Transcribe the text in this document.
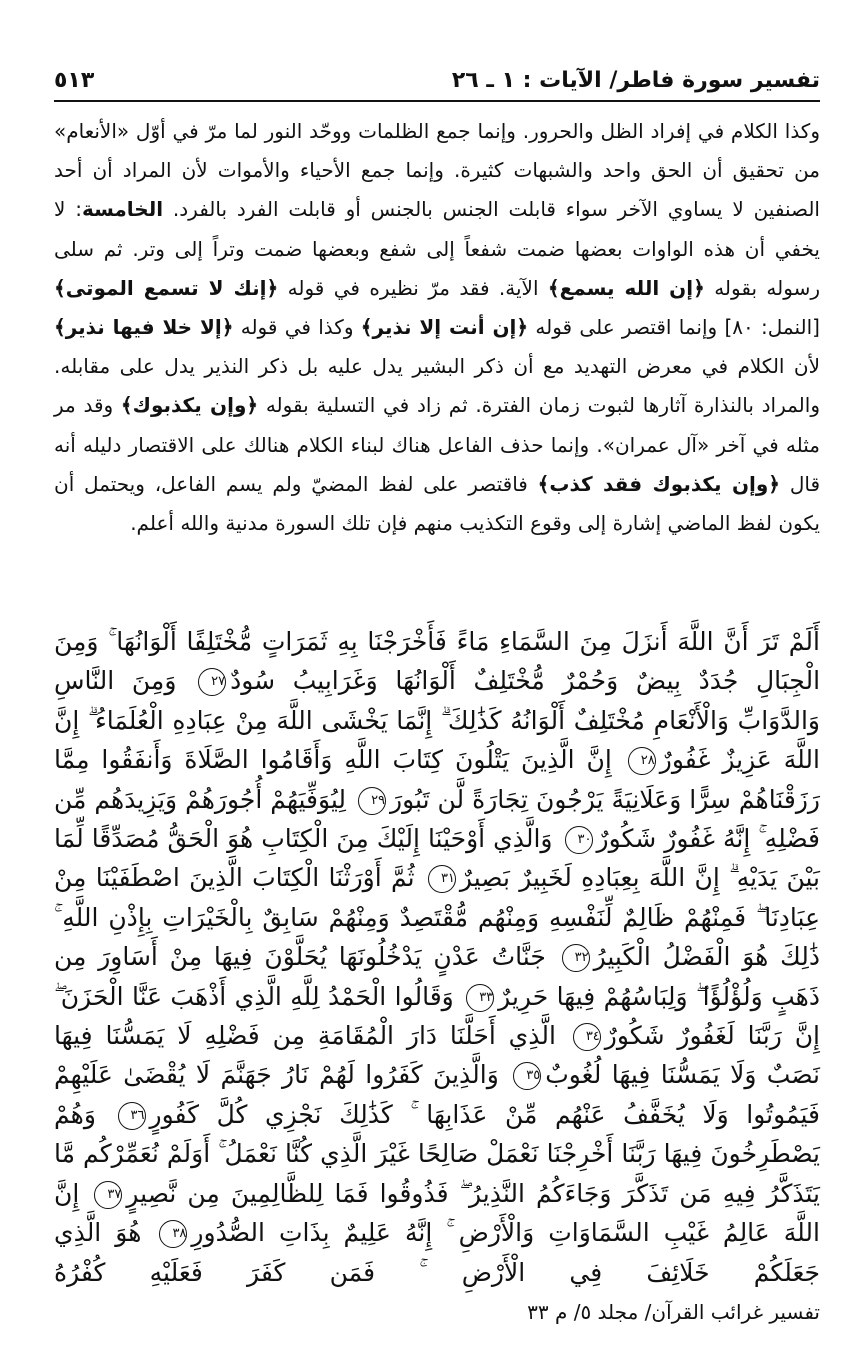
تفسير سورة فاطر/ الآيات : ١ ـ ٢٦
٥١٣

وكذا الكلام في إفراد الظل والحرور. وإنما جمع الظلمات ووحّد النور لما مرّ في أوّل «الأنعام» من تحقيق أن الحق واحد والشبهات كثيرة. وإنما جمع الأحياء والأموات لأن المراد أن أحد الصنفين لا يساوي الآخر سواء قابلت الجنس بالجنس أو قابلت الفرد بالفرد. الخامسة: لا يخفي أن هذه الواوات بعضها ضمت شفعاً إلى شفع وبعضها ضمت وتراً إلى وتر. ثم سلى رسوله بقوله ﴿إن الله يسمع﴾ الآية. فقد مرّ نظيره في قوله ﴿إنك لا تسمع الموتى﴾ [النمل: ٨٠] وإنما اقتصر على قوله ﴿إن أنت إلا نذير﴾ وكذا في قوله ﴿إلا خلا فيها نذير﴾ لأن الكلام في معرض التهديد مع أن ذكر البشير يدل عليه بل ذكر النذير يدل على مقابله. والمراد بالنذارة آثارها لثبوت زمان الفترة. ثم زاد في التسلية بقوله ﴿وإن يكذبوك﴾ وقد مر مثله في آخر «آل عمران». وإنما حذف الفاعل هناك لبناء الكلام هنالك على الاقتصار دليله أنه قال ﴿وإن يكذبوك فقد كذب﴾ فاقتصر على لفظ المضيّ ولم يسم الفاعل، ويحتمل أن يكون لفظ الماضي إشارة إلى وقوع التكذيب منهم فإن تلك السورة مدنية والله أعلم.

أَلَمْ تَرَ أَنَّ اللَّهَ أَنزَلَ مِنَ السَّمَاءِ مَاءً فَأَخْرَجْنَا بِهِ ثَمَرَاتٍ مُّخْتَلِفًا أَلْوَانُهَا ۚ وَمِنَ الْجِبَالِ جُدَدٌ بِيضٌ وَحُمْرٌ مُّخْتَلِفٌ أَلْوَانُهَا وَغَرَابِيبُ سُودٌ٢٧ وَمِنَ النَّاسِ وَالدَّوَابِّ وَالْأَنْعَامِ مُخْتَلِفٌ أَلْوَانُهُ كَذَٰلِكَ ۗ إِنَّمَا يَخْشَى اللَّهَ مِنْ عِبَادِهِ الْعُلَمَاءُ ۗ إِنَّ اللَّهَ عَزِيزٌ غَفُورٌ٢٨ إِنَّ الَّذِينَ يَتْلُونَ كِتَابَ اللَّهِ وَأَقَامُوا الصَّلَاةَ وَأَنفَقُوا مِمَّا رَزَقْنَاهُمْ سِرًّا وَعَلَانِيَةً يَرْجُونَ تِجَارَةً لَّن تَبُورَ٢٩ لِيُوَفِّيَهُمْ أُجُورَهُمْ وَيَزِيدَهُم مِّن فَضْلِهِ ۚ إِنَّهُ غَفُورٌ شَكُورٌ٣٠ وَالَّذِي أَوْحَيْنَا إِلَيْكَ مِنَ الْكِتَابِ هُوَ الْحَقُّ مُصَدِّقًا لِّمَا بَيْنَ يَدَيْهِ ۗ إِنَّ اللَّهَ بِعِبَادِهِ لَخَبِيرٌ بَصِيرٌ٣١ ثُمَّ أَوْرَثْنَا الْكِتَابَ الَّذِينَ اصْطَفَيْنَا مِنْ عِبَادِنَا ۖ فَمِنْهُمْ ظَالِمٌ لِّنَفْسِهِ وَمِنْهُم مُّقْتَصِدٌ وَمِنْهُمْ سَابِقٌ بِالْخَيْرَاتِ بِإِذْنِ اللَّهِ ۚ ذَٰلِكَ هُوَ الْفَضْلُ الْكَبِيرُ٣٢ جَنَّاتُ عَدْنٍ يَدْخُلُونَهَا يُحَلَّوْنَ فِيهَا مِنْ أَسَاوِرَ مِن ذَهَبٍ وَلُؤْلُؤًا ۖ وَلِبَاسُهُمْ فِيهَا حَرِيرٌ٣٣ وَقَالُوا الْحَمْدُ لِلَّهِ الَّذِي أَذْهَبَ عَنَّا الْحَزَنَ ۖ إِنَّ رَبَّنَا لَغَفُورٌ شَكُورٌ٣٤ الَّذِي أَحَلَّنَا دَارَ الْمُقَامَةِ مِن فَضْلِهِ لَا يَمَسُّنَا فِيهَا نَصَبٌ وَلَا يَمَسُّنَا فِيهَا لُغُوبٌ٣٥ وَالَّذِينَ كَفَرُوا لَهُمْ نَارُ جَهَنَّمَ لَا يُقْضَىٰ عَلَيْهِمْ فَيَمُوتُوا وَلَا يُخَفَّفُ عَنْهُم مِّنْ عَذَابِهَا ۚ كَذَٰلِكَ نَجْزِي كُلَّ كَفُورٍ٣٦ وَهُمْ يَصْطَرِخُونَ فِيهَا رَبَّنَا أَخْرِجْنَا نَعْمَلْ صَالِحًا غَيْرَ الَّذِي كُنَّا نَعْمَلُ ۚ أَوَلَمْ نُعَمِّرْكُم مَّا يَتَذَكَّرُ فِيهِ مَن تَذَكَّرَ وَجَاءَكُمُ النَّذِيرُ ۖ فَذُوقُوا فَمَا لِلظَّالِمِينَ مِن نَّصِيرٍ٣٧ إِنَّ اللَّهَ عَالِمُ غَيْبِ السَّمَاوَاتِ وَالْأَرْضِ ۚ إِنَّهُ عَلِيمٌ بِذَاتِ الصُّدُورِ٣٨ هُوَ الَّذِي جَعَلَكُمْ خَلَائِفَ فِي الْأَرْضِ ۚ فَمَن كَفَرَ فَعَلَيْهِ كُفْرُهُ

تفسير غرائب القرآن/ مجلد ٥/ م ٣٣
